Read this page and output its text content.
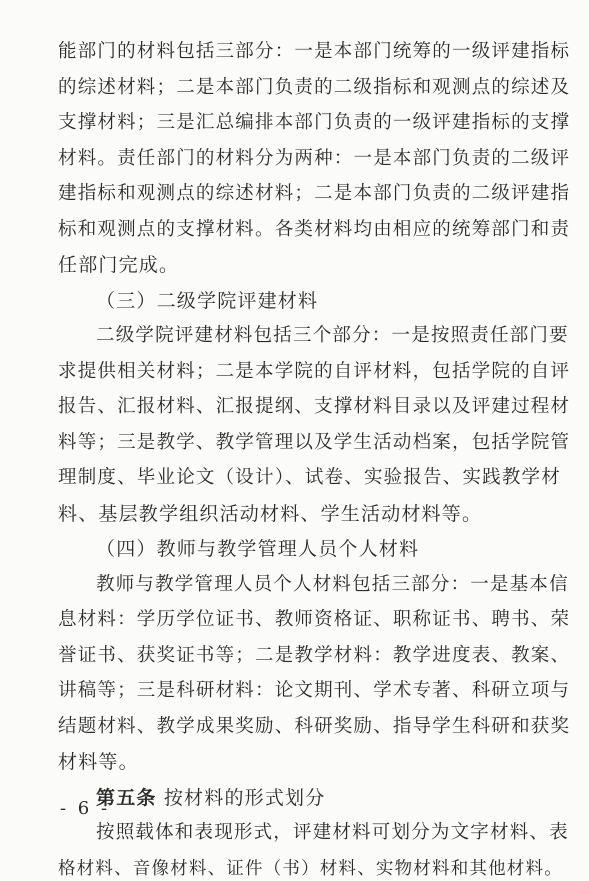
能部门的材料包括三部分：一是本部门统筹的一级评建指标
的综述材料；二是本部门负责的二级指标和观测点的综述及
支撑材料；三是汇总编排本部门负责的一级评建指标的支撑
材料。责任部门的材料分为两种：一是本部门负责的二级评
建指标和观测点的综述材料；二是本部门负责的二级评建指
标和观测点的支撑材料。各类材料均由相应的统筹部门和责
任部门完成。
（三）二级学院评建材料
二级学院评建材料包括三个部分：一是按照责任部门要
求提供相关材料；二是本学院的自评材料，包括学院的自评
报告、汇报材料、汇报提纲、支撑材料目录以及评建过程材
料等；三是教学、教学管理以及学生活动档案，包括学院管
理制度、毕业论文（设计）、试卷、实验报告、实践教学材
料、基层教学组织活动材料、学生活动材料等。
（四）教师与教学管理人员个人材料
教师与教学管理人员个人材料包括三部分：一是基本信
息材料：学历学位证书、教师资格证、职称证书、聘书、荣
誉证书、获奖证书等；二是教学材料：教学进度表、教案、
讲稿等；三是科研材料：论文期刊、学术专著、科研立项与
结题材料、教学成果奖励、科研奖励、指导学生科研和获奖
材料等。
第五条 按材料的形式划分
按照载体和表现形式，评建材料可划分为文字材料、表
格材料、音像材料、证件（书）材料、实物材料和其他材料。
- 6 -
